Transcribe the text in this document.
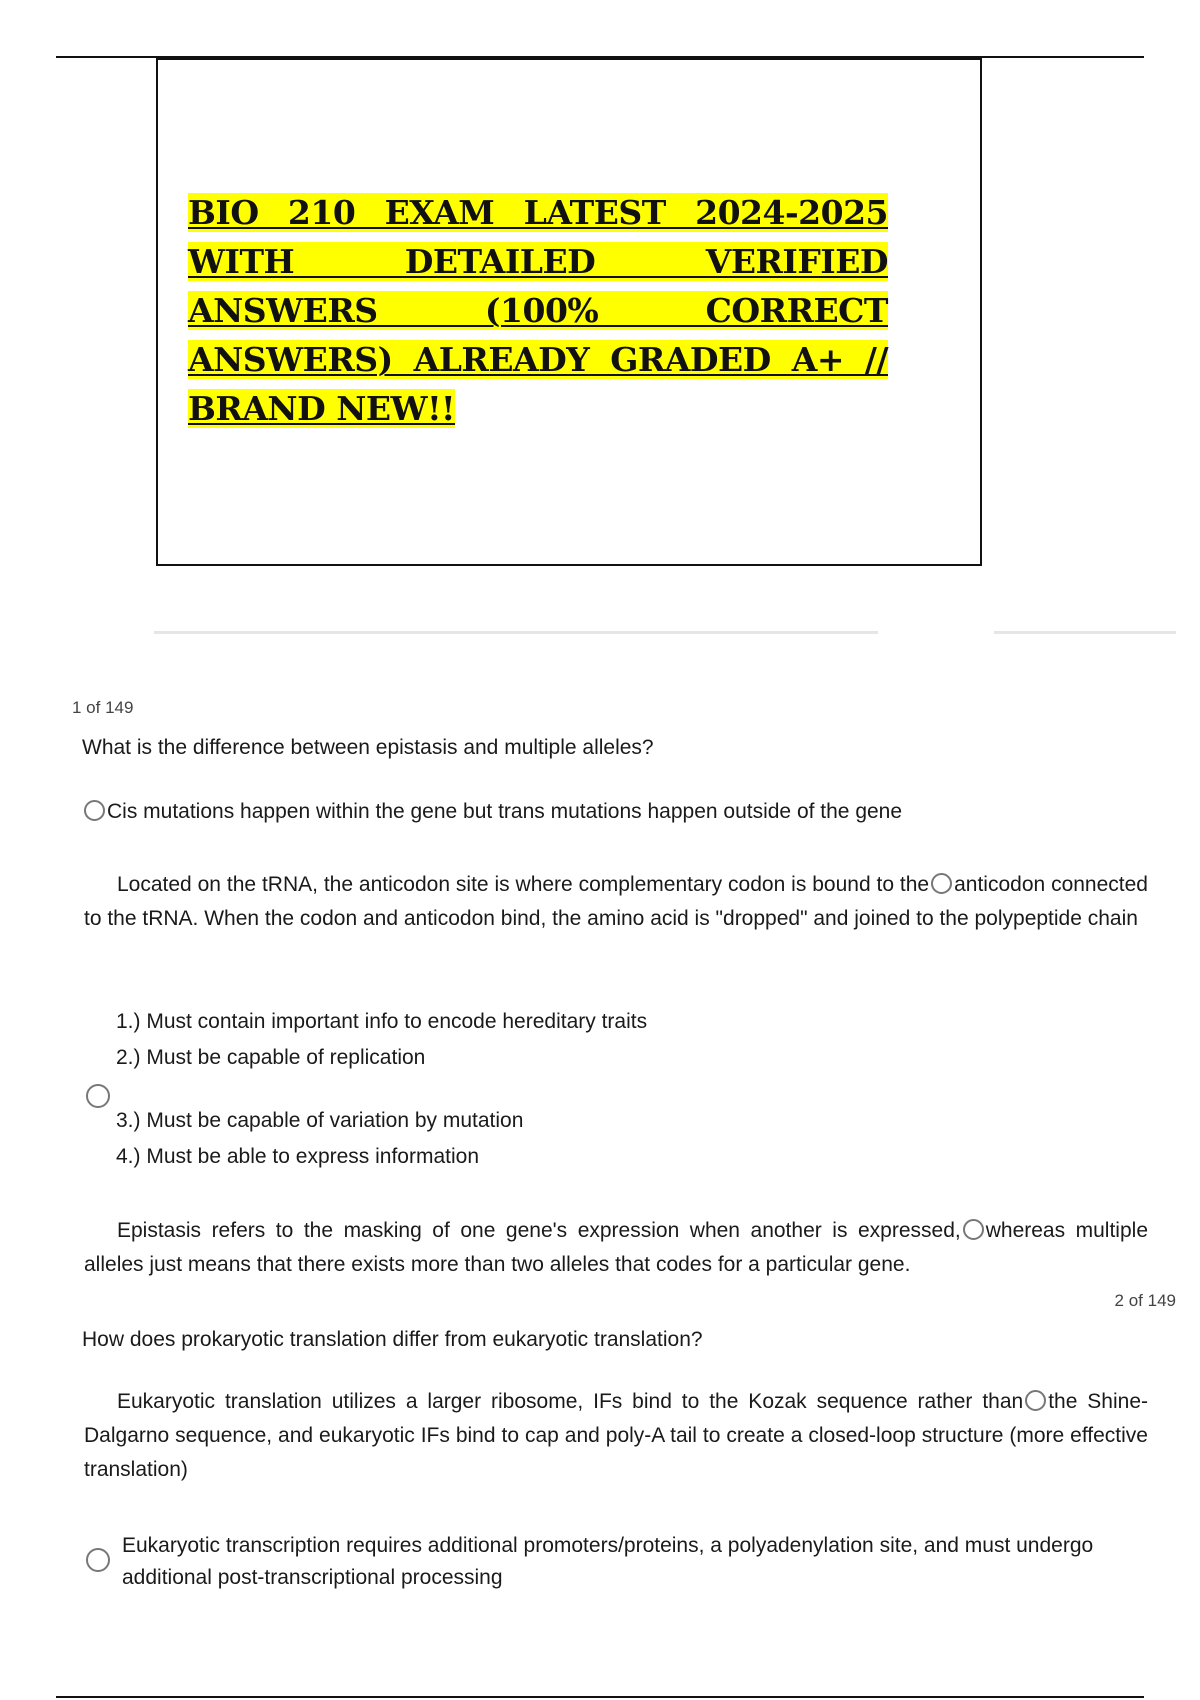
BIO 210 EXAM LATEST 2024-2025 WITH DETAILED VERIFIED ANSWERS (100% CORRECT ANSWERS) ALREADY GRADED A+ // BRAND NEW!!
1 of 149
What is the difference between epistasis and multiple alleles?
Cis mutations happen within the gene but trans mutations happen outside of the gene
Located on the tRNA, the anticodon site is where complementary codon is bound to the anticodon connected to the tRNA. When the codon and anticodon bind, the amino acid is "dropped" and joined to the polypeptide chain
1.) Must contain important info to encode hereditary traits
2.) Must be capable of replication
3.) Must be capable of variation by mutation
4.) Must be able to express information
Epistasis refers to the masking of one gene's expression when another is expressed, whereas multiple alleles just means that there exists more than two alleles that codes for a particular gene.
2 of 149
How does prokaryotic translation differ from eukaryotic translation?
Eukaryotic translation utilizes a larger ribosome, IFs bind to the Kozak sequence rather than the Shine-Dalgarno sequence, and eukaryotic IFs bind to cap and poly-A tail to create a closed-loop structure (more effective translation)
Eukaryotic transcription requires additional promoters/proteins, a polyadenylation site, and must undergo additional post-transcriptional processing
